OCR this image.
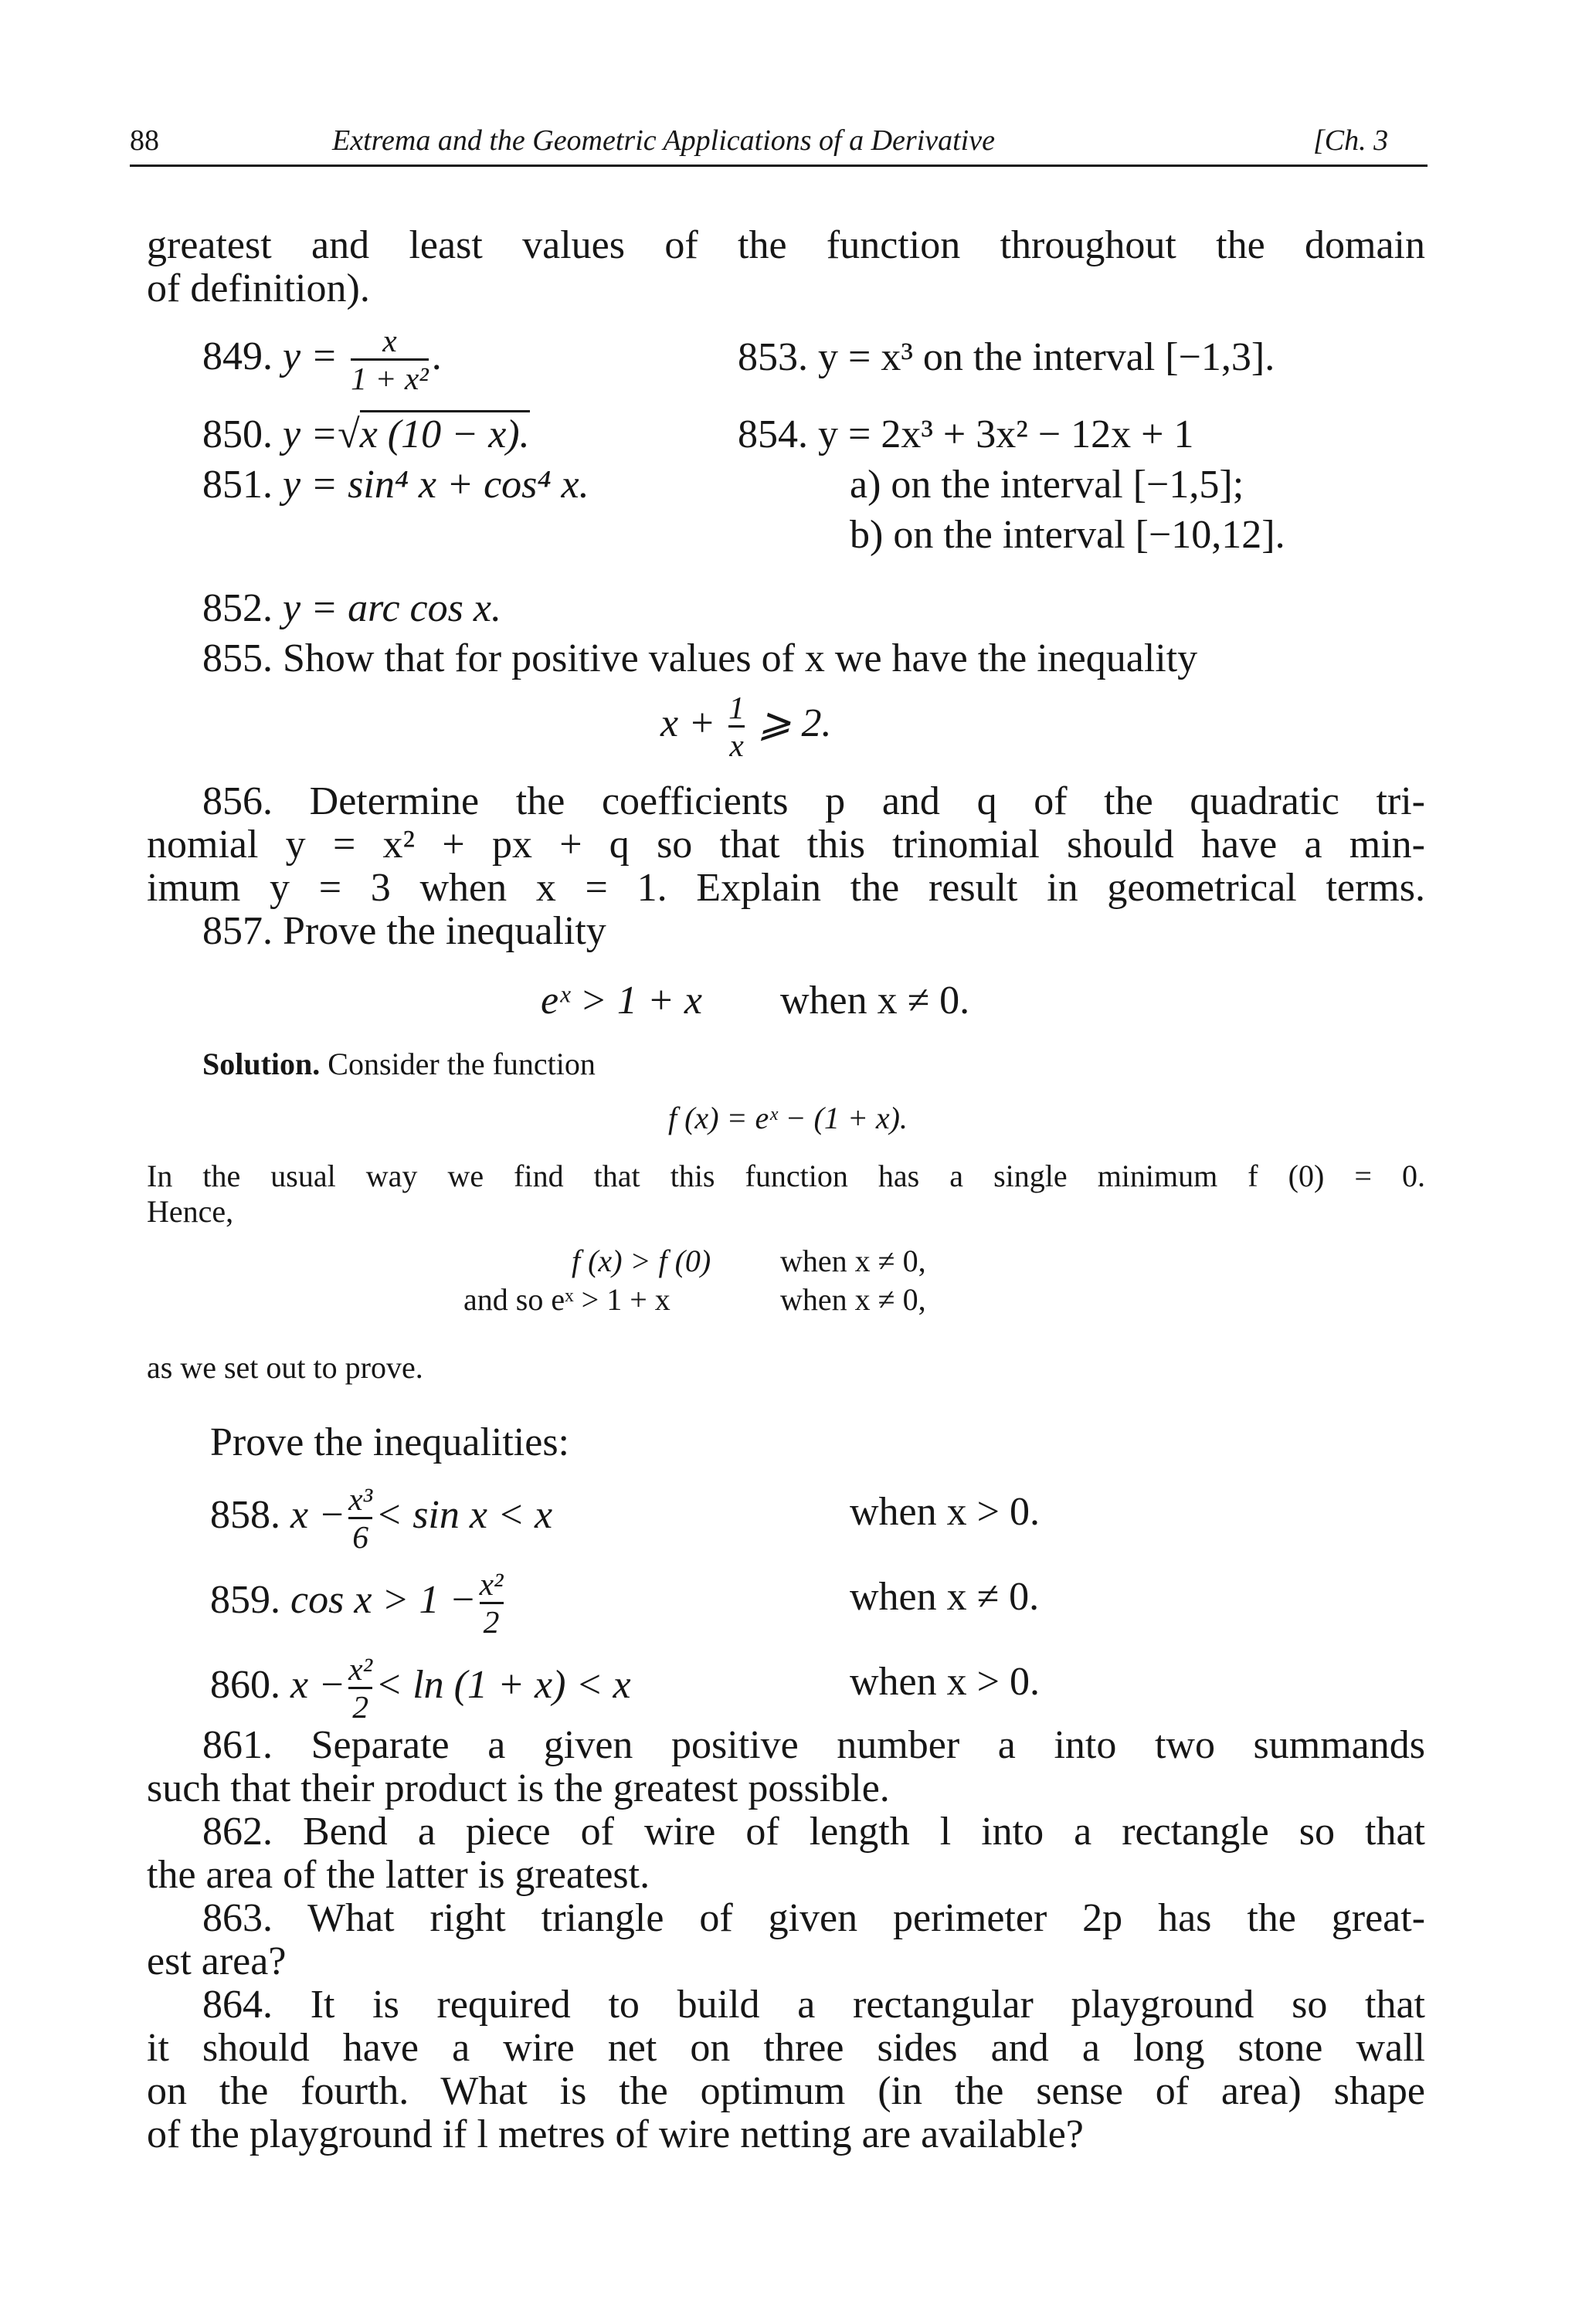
88	Extrema and the Geometric Applications of a Derivative	[Ch. 3
greatest and least values of the function throughout the domain
of definition).
849. $y = \frac{x}{\text{1 + x²}}$ .
850. y =√x (10 − x).
851. y = sin⁴ x + cos⁴ x.
852. y = arc cos x.
853. y = x³ on the interval [−1,3].
854. y = 2x³ + 3x² − 12x + 1
a) on the interval [−1,5];
b) on the interval [−10,12].
855. Show that for positive values of x we have the inequality
$x + \frac{1}{x}$ ⩾ 2.
856. Determine the coefficients p and q of the quadratic tri-
nomial y = x² + px + q so that this trinomial should have a min-
imum y = 3 when x = 1. Explain the result in geometrical terms.
857. Prove the inequality
eˣ > 1 + x when x ≠ 0.
Solution. Consider the function
f (x) = eˣ − (1 + x).
In the usual way we find that this function has a single minimum f (0) = 0.
Hence,
f (x) > f (0) when x ≠ 0,
and so eˣ > 1 + x	when x ≠ 0,
as we set out to prove.
Prove the inequalities:
858. $x - \frac{\text{x³}}{6} < \sin x < x$	when x > 0.
859. $\cos x > 1 - \frac{\text{x²}}{2}$	when x ≠ 0.
860. $x - \frac{\text{x²}}{2} < \ln (1 + x) < x$	when x > 0.
861. Separate a given positive number a into two summands
such that their product is the greatest possible.
862. Bend a piece of wire of length l into a rectangle so that
the area of the latter is greatest.
863. What right triangle of given perimeter 2p has the great-
est area?
864. It is required to build a rectangular playground so that
it should have a wire net on three sides and a long stone wall
on the fourth. What is the optimum (in the sense of area) shape
of the playground if l metres of wire netting are available?
